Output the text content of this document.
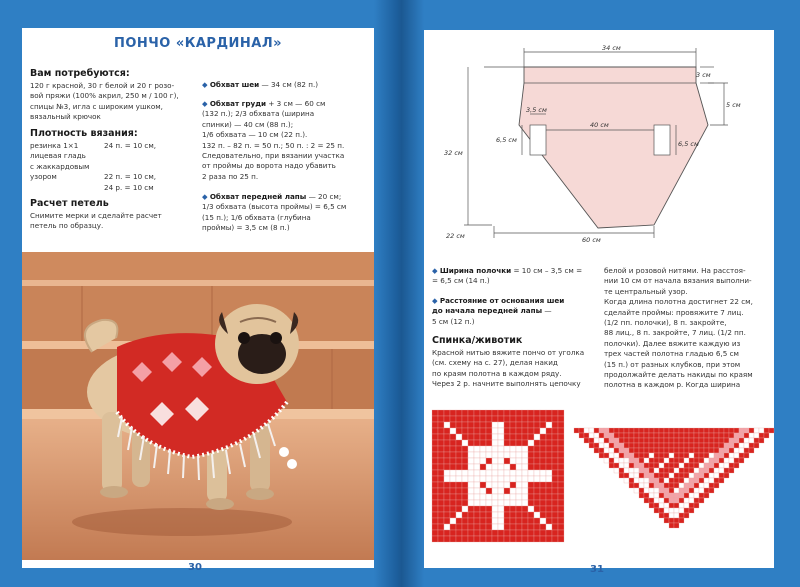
ПОНЧО «КАРДИНАЛ»
Вам потребуются:
120 г красной, 30 г белой и 20 г розо-
вой пряжи (100% акрил, 250 м / 100 г),
спицы №3, игла с широким ушком,
вязальный крючок
Плотность вязания:
резинка 1×1
лицевая гладь
с жаккардовым
узором
24 п. = 10 см,

22 п. = 10 см,
24 р. = 10 см
Расчет петель
Снимите мерки и сделайте расчет
петель по образцу.
◆ Обхват шеи — 34 см (82 п.)
◆ Обхват груди + 3 см — 60 см
(132 п.); 2/3 обхвата (ширина
спинки) — 40 см (88 п.);
1/6 обхвата — 10 см (22 п.).
132 п. – 82 п. = 50 п.; 50 п. : 2 = 25 п.
Следовательно, при вязании участка
от проймы до ворота надо убавить
2 раза по 25 п.
◆ Обхват передней лапы — 20 см;
1/3 обхвата (высота проймы) = 6,5 см
(15 п.); 1/6 обхвата (глубина
проймы) = 3,5 см (8 п.)
30
34 см
3 см
5 см
3,5 см
40 см
6,5 см	6,5 см
32 см
22 см	60 см
◆ Ширина полочки = 10 см – 3,5 см =
= 6,5 см (14 п.)
◆ Расстояние от основания шеи
до начала передней лапы —
5 см (12 п.)
Спинка/животик
Красной нитью вяжите пончо от уголка
(см. схему на с. 27), делая накид
по краям полотна в каждом ряду.
Через 2 р. начните выполнять цепочку
белой и розовой нитями. На расстоя-
нии 10 см от начала вязания выполни-
те центральный узор.
Когда длина полотна достигнет 22 см,
сделайте проймы: провяжите 7 лиц.
(1/2 пп. полочки), 8 п. закройте,
88 лиц., 8 п. закройте, 7 лиц. (1/2 пп.
полочки). Далее вяжите каждую из
трех частей полотна гладью 6,5 см
(15 п.) от разных клубков, при этом
продолжайте делать накиды по краям
полотна в каждом р. Когда ширина
31
